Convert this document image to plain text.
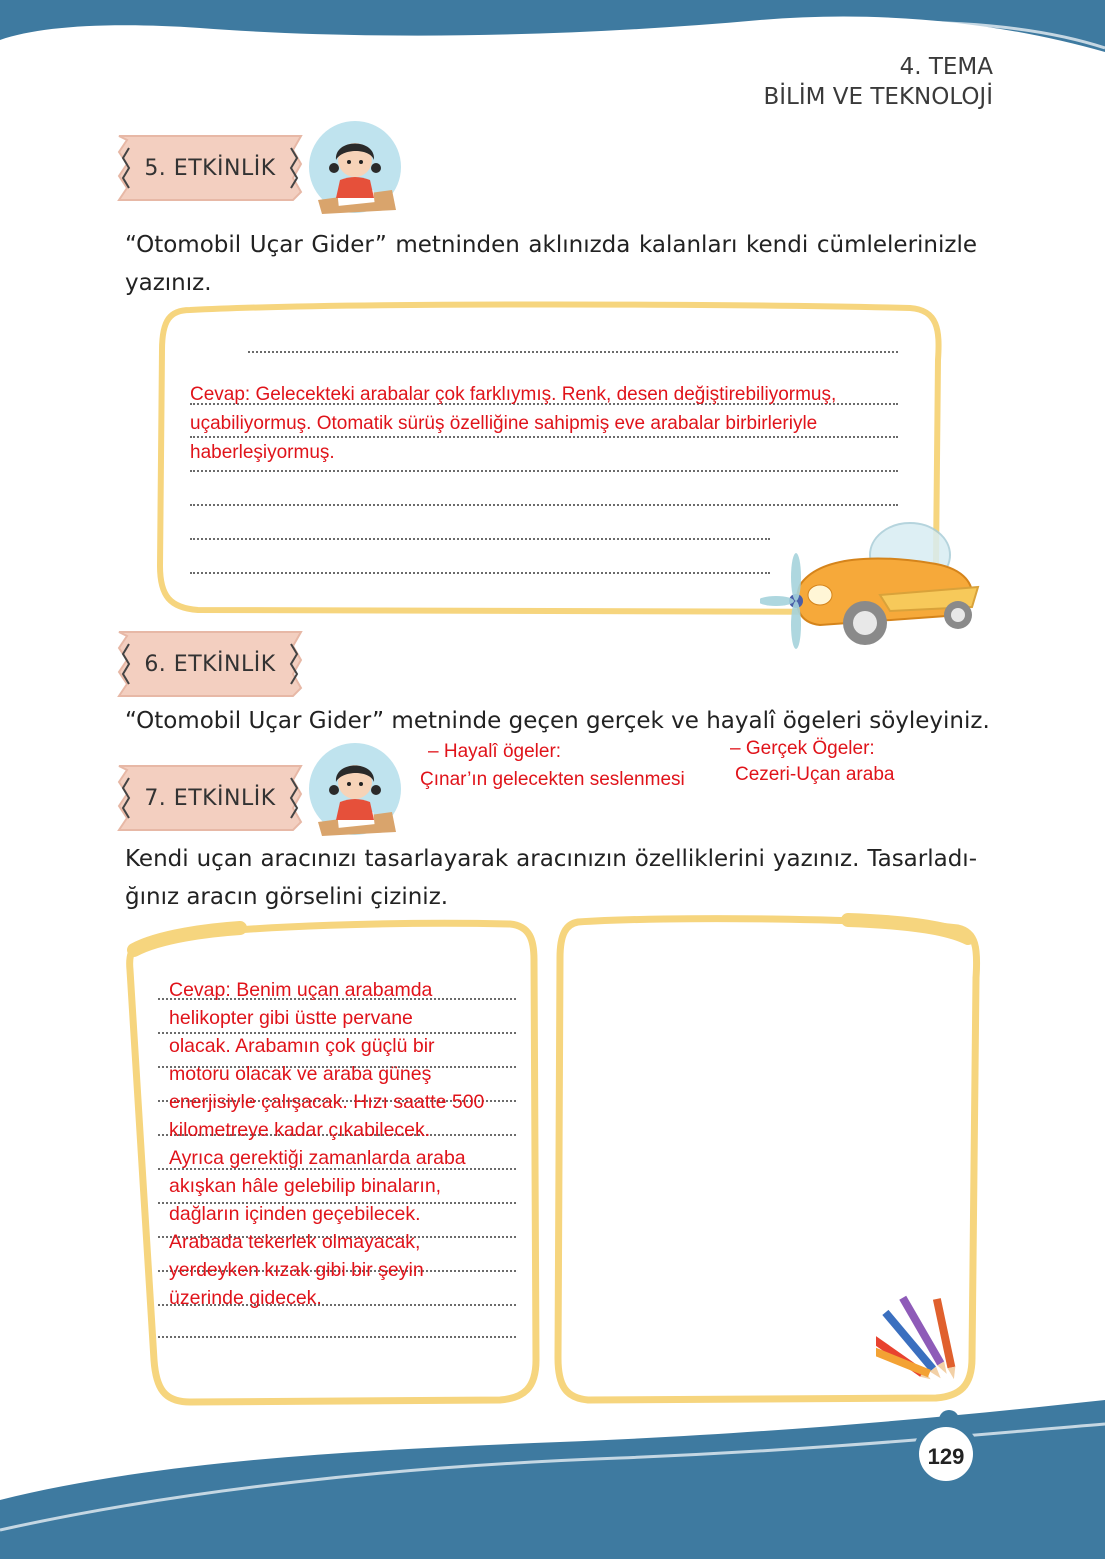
4. TEMA
BİLİM VE TEKNOLOJİ
5. ETKİNLİK
“Otomobil Uçar Gider” metninden aklınızda kalanları kendi cümlelerinizle yazınız.
Cevap: Gelecekteki arabalar çok farklıymış. Renk, desen değiştirebiliyormuş,
uçabiliyormuş. Otomatik sürüş özelliğine sahipmiş eve arabalar birbirleriyle
haberleşiyormuş.
6. ETKİNLİK
“Otomobil Uçar Gider” metninde geçen gerçek ve hayalî ögeleri söyleyiniz.
– Hayalî ögeler:
Çınar’ın gelecekten seslenmesi
– Gerçek Ögeler:
Cezeri-Uçan araba
7. ETKİNLİK
Kendi uçan aracınızı tasarlayarak aracınızın özelliklerini yazınız. Tasarladı- ğınız aracın görselini çiziniz.
Cevap: Benim uçan arabamda
helikopter gibi üstte pervane
olacak. Arabamın çok güçlü bir
motoru olacak ve araba güneş
enerjisiyle çalışacak. Hızı saatte 500
kilometreye kadar çıkabilecek.
Ayrıca gerektiği zamanlarda araba
akışkan hâle gelebilip binaların,
dağların içinden geçebilecek.
Arabada tekerlek olmayacak,
yerdeyken kızak gibi bir şeyin
üzerinde gidecek.
129
